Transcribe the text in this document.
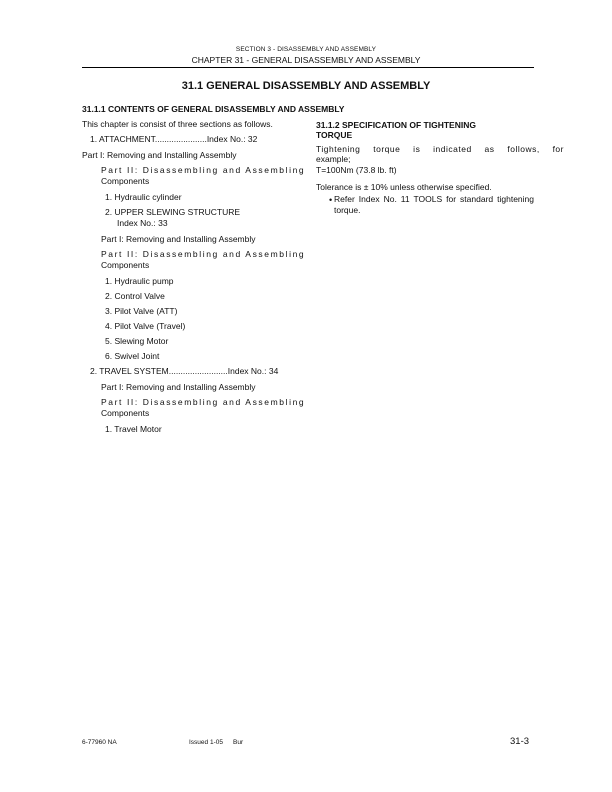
SECTION 3 - DISASSEMBLY AND ASSEMBLY
CHAPTER 31 - GENERAL DISASSEMBLY AND ASSEMBLY
31.1 GENERAL DISASSEMBLY AND ASSEMBLY
31.1.1 CONTENTS OF GENERAL DISASSEMBLY AND ASSEMBLY
This chapter is consist of three sections as follows.
1. ATTACHMENT......................Index No.: 32
Part I: Removing and Installing Assembly
Part II: Disassembling and Assembling
Components
1. Hydraulic cylinder
2. UPPER SLEWING STRUCTURE
Index No.: 33
Part I: Removing and Installing Assembly
Part II: Disassembling and Assembling
Components
1. Hydraulic pump
2. Control Valve
3. Pilot Valve (ATT)
4. Pilot Valve (Travel)
5. Slewing Motor
6. Swivel Joint
2. TRAVEL SYSTEM.........................Index No.: 34
Part I: Removing and Installing Assembly
Part II: Disassembling and Assembling
Components
1. Travel Motor
31.1.2 SPECIFICATION OF TIGHTENING
TORQUE
Tightening torque is indicated as follows, for
example;
T=100Nm (73.8 lb. ft)
Tolerance is ± 10% unless otherwise specified.
• Refer Index No. 11 TOOLS for standard tightening torque.
6-77960 NA	Issued 1-05 Bur	31-3
